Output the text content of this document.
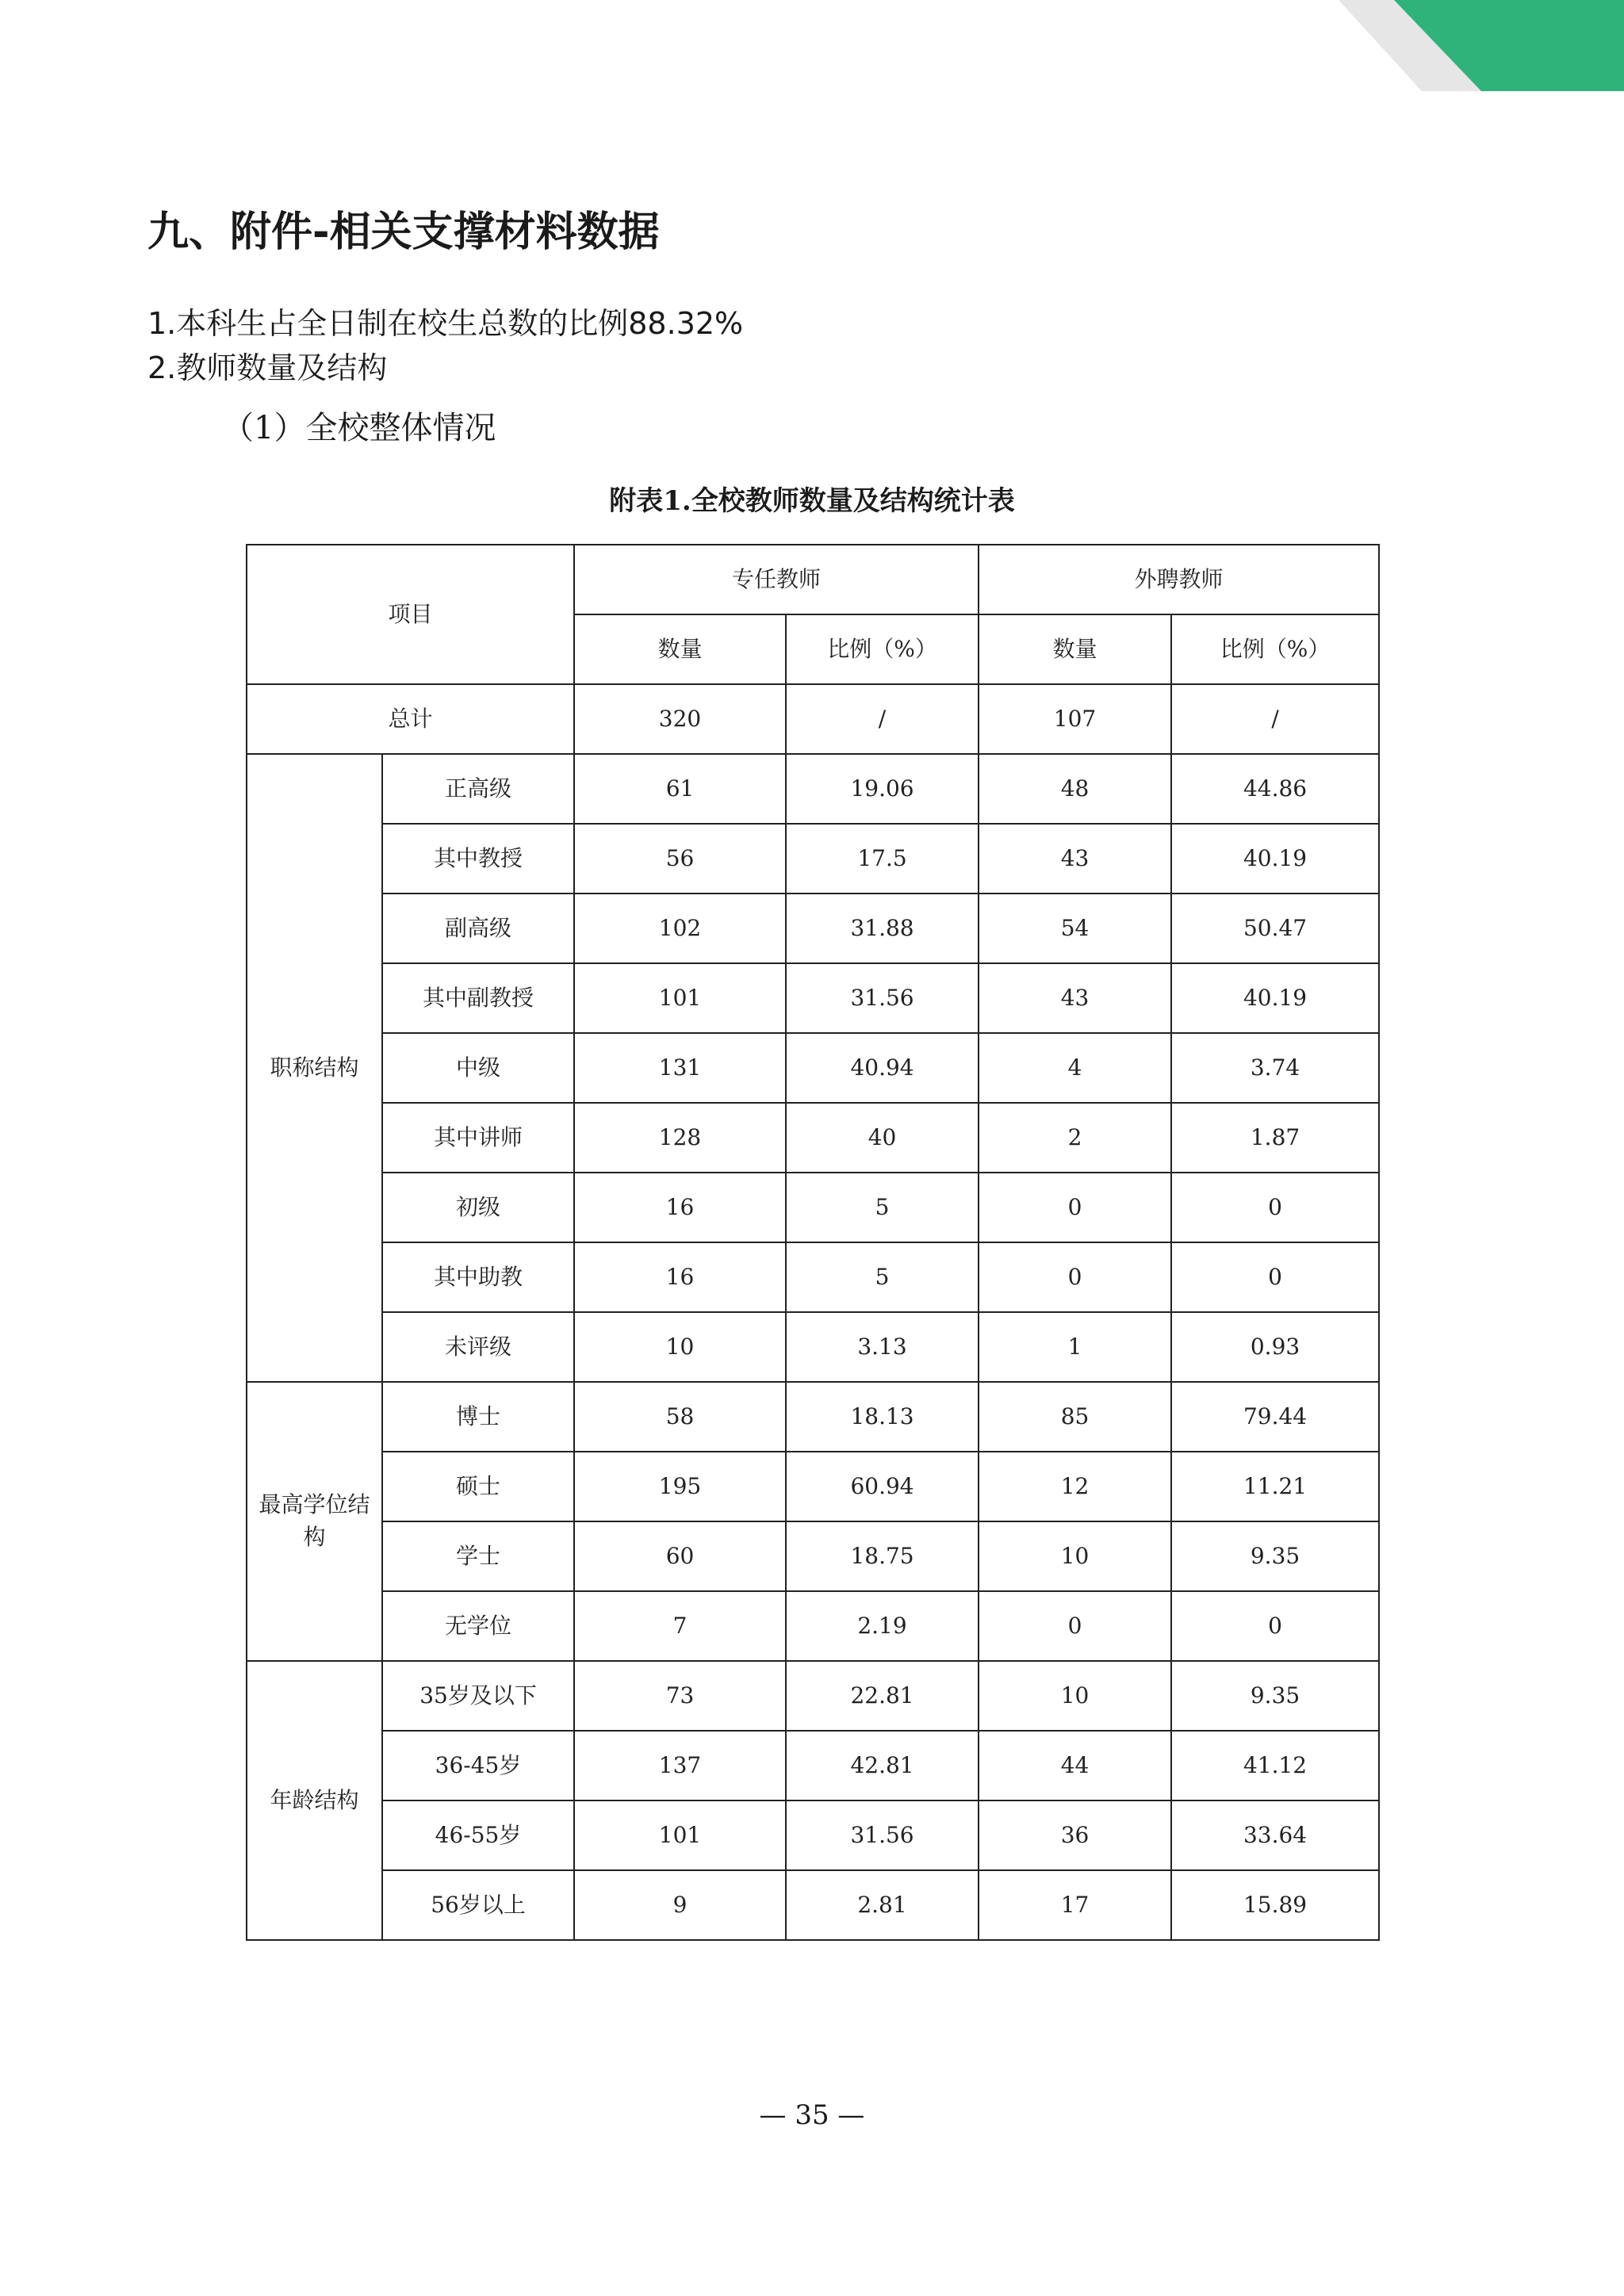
九、附件-相关支撑材料数据
1.本科生占全日制在校生总数的比例88.32%
2.教师数量及结构
（1）全校整体情况
附表1.全校教师数量及结构统计表
项目		专任教师		外聘教师	
		数量	比例（%）	数量	比例（%）
总计		320	/	107	/
职称结构	正高级	61	19.06	48	44.86
	其中教授	56	17.5	43	40.19
	副高级	102	31.88	54	50.47
	其中副教授	101	31.56	43	40.19
	中级	131	40.94	4	3.74
	其中讲师	128	40	2	1.87
	初级	16	5	0	0
	其中助教	16	5	0	0
	未评级	10	3.13	1	0.93
最高学位结构	博士	58	18.13	85	79.44
	硕士	195	60.94	12	11.21
	学士	60	18.75	10	9.35
	无学位	7	2.19	0	0
年龄结构	35岁及以下	73	22.81	10	9.35
	36-45岁	137	42.81	44	41.12
	46-55岁	101	31.56	36	33.64
	56岁以上	9	2.81	17	15.89
— 35 —
